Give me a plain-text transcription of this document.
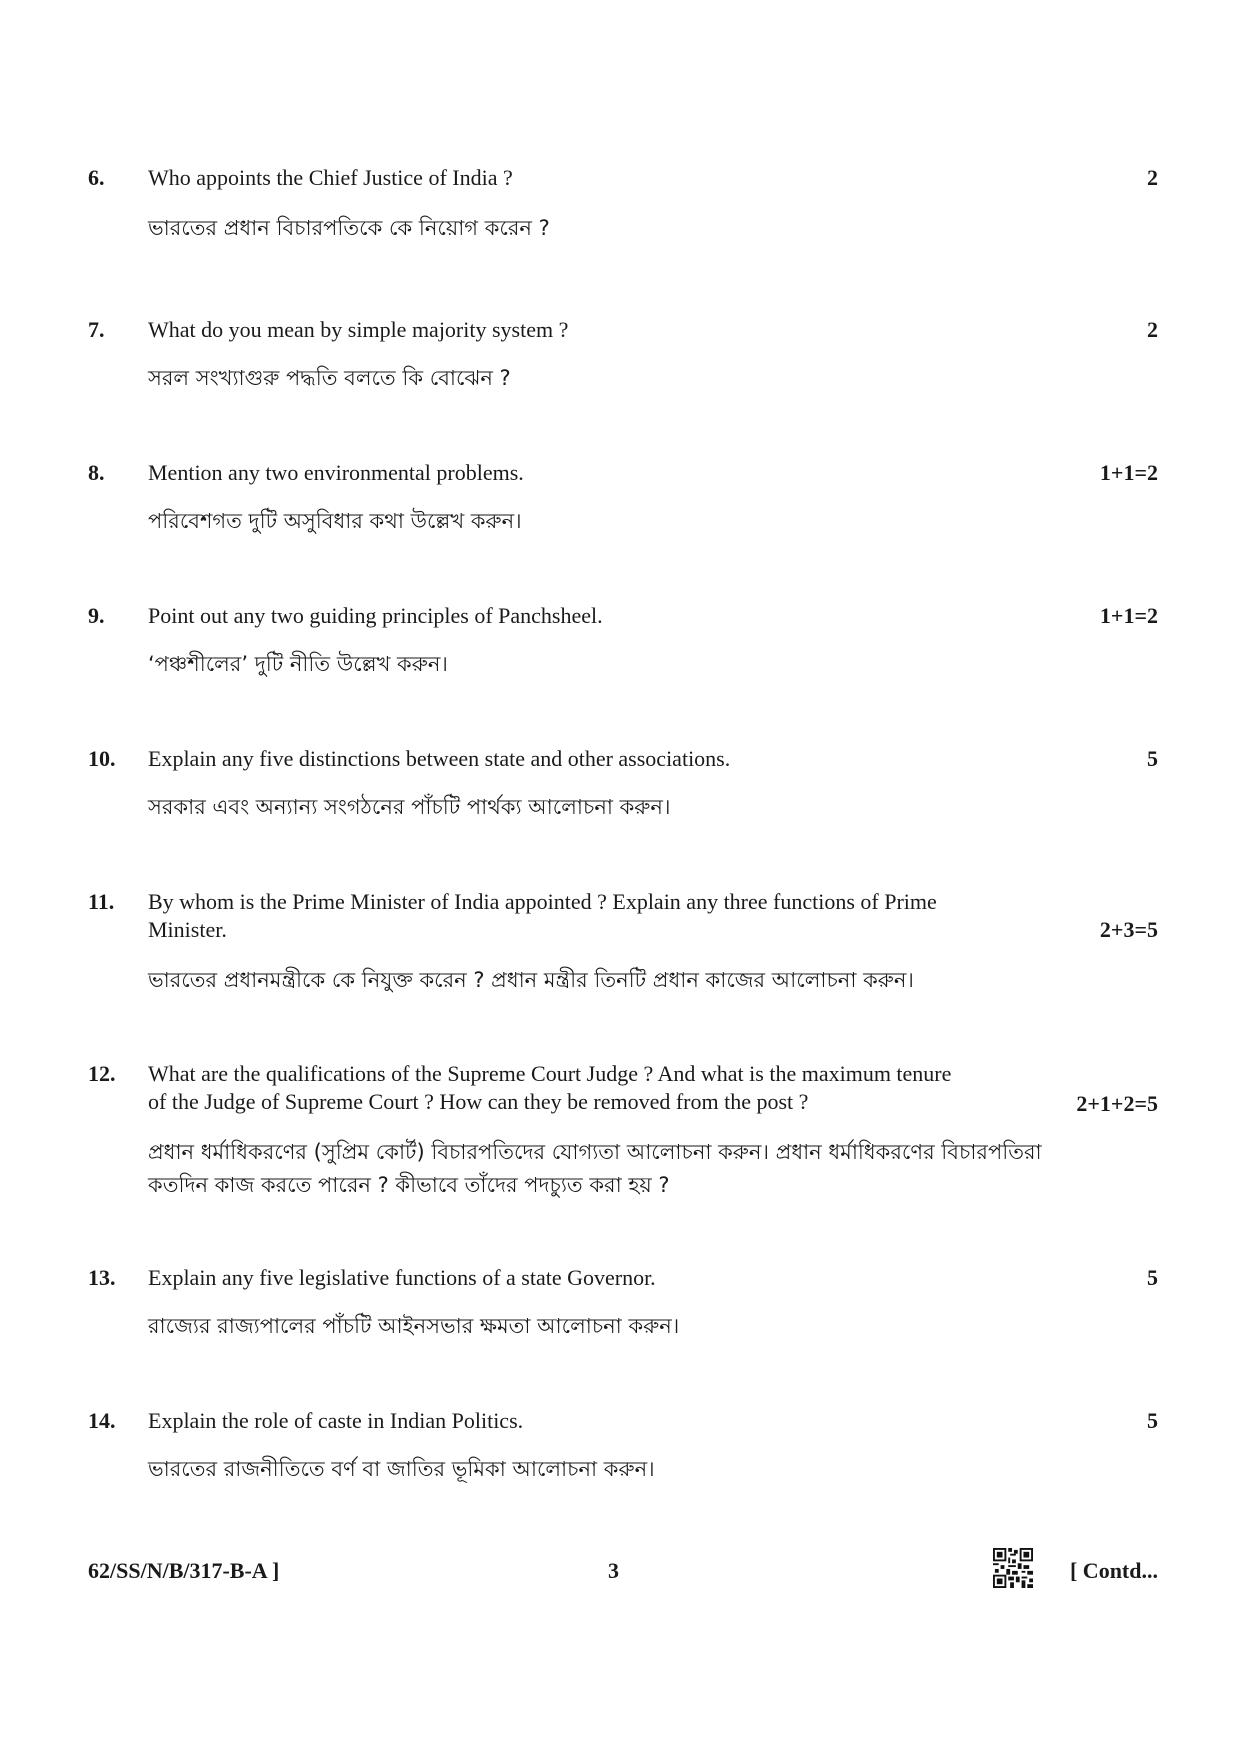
6. Who appoints the Chief Justice of India ?	2
ভারতের প্রধান বিচারপতিকে কে নিয়োগ করেন ?
7. What do you mean by simple majority system ?	2
সরল সংখ্যাগুরু পদ্ধতি বলতে কি বোঝেন ?
8. Mention any two environmental problems.	1+1=2
পরিবেশগত দুটি অসুবিধার কথা উল্লেখ করুন।
9. Point out any two guiding principles of Panchsheel.	1+1=2
‘পঞ্চশীলের’ দুটি নীতি উল্লেখ করুন।
10. Explain any five distinctions between state and other associations.	5
সরকার এবং অন্যান্য সংগঠনের পাঁচটি পার্থক্য আলোচনা করুন।
11. By whom is the Prime Minister of India appointed ? Explain any three functions of Prime
Minister.	2+3=5
ভারতের প্রধানমন্ত্রীকে কে নিযুক্ত করেন ? প্রধান মন্ত্রীর তিনটি প্রধান কাজের আলোচনা করুন।
12. What are the qualifications of the Supreme Court Judge ? And what is the maximum tenure
of the Judge of Supreme Court ? How can they be removed from the post ?	2+1+2=5
প্রধান ধর্মাধিকরণের (সুপ্রিম কোর্ট) বিচারপতিদের যোগ্যতা আলোচনা করুন। প্রধান ধর্মাধিকরণের বিচারপতিরা
কতদিন কাজ করতে পারেন ? কীভাবে তাঁদের পদচ্যুত করা হয় ?
13. Explain any five legislative functions of a state Governor.	5
রাজ্যের রাজ্যপালের পাঁচটি আইনসভার ক্ষমতা আলোচনা করুন।
14. Explain the role of caste in Indian Politics.	5
ভারতের রাজনীতিতে বর্ণ বা জাতির ভূমিকা আলোচনা করুন।
62/SS/N/B/317-B-A ]	3	[ Contd...
